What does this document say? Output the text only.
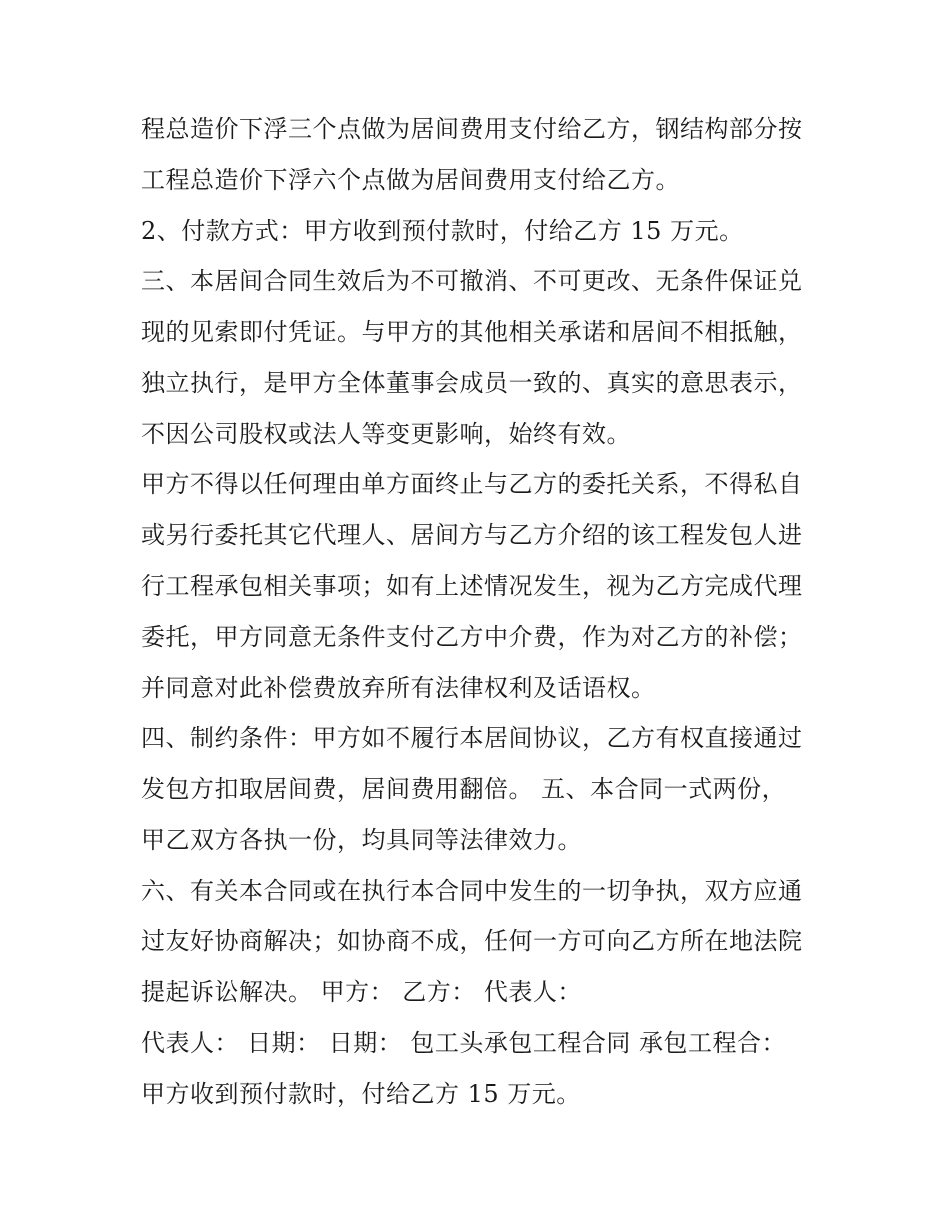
程总造价下浮三个点做为居间费用支付给乙方，钢结构部分按
工程总造价下浮六个点做为居间费用支付给乙方。
2、付款方式：甲方收到预付款时，付给乙方 15 万元。
三、本居间合同生效后为不可撤消、不可更改、无条件保证兑
现的见索即付凭证。与甲方的其他相关承诺和居间不相抵触，
独立执行，是甲方全体董事会成员一致的、真实的意思表示，
不因公司股权或法人等变更影响，始终有效。
甲方不得以任何理由单方面终止与乙方的委托关系，不得私自
或另行委托其它代理人、居间方与乙方介绍的该工程发包人进
行工程承包相关事项；如有上述情况发生，视为乙方完成代理
委托，甲方同意无条件支付乙方中介费，作为对乙方的补偿；
并同意对此补偿费放弃所有法律权利及话语权。
四、制约条件：甲方如不履行本居间协议，乙方有权直接通过
发包方扣取居间费，居间费用翻倍。 五、本合同一式两份，
甲乙双方各执一份，均具同等法律效力。
六、有关本合同或在执行本合同中发生的一切争执，双方应通
过友好协商解决；如协商不成，任何一方可向乙方所在地法院
提起诉讼解决。 甲方： 乙方： 代表人：
代表人： 日期： 日期： 包工头承包工程合同 承包工程合：
甲方收到预付款时，付给乙方 15 万元。
